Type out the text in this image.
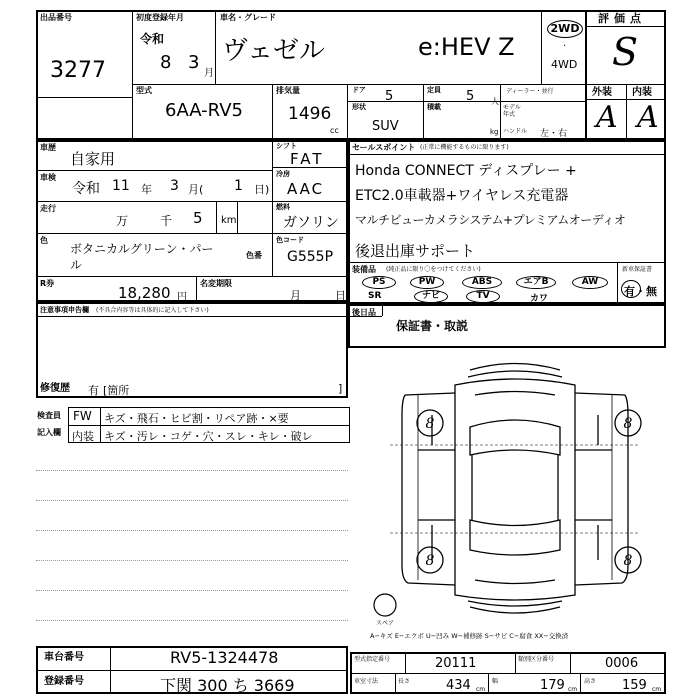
出品番号
3277
初度登録年月
令和
8 3
月
車名・グレード
ヴェゼル	e:HEV Z
2WD
·
4WD
評価点
S
外装 内装
A A
型式
6AA-RV5
排気量
1496
cc
ドア 5	定員 5 人
ディーラー・並行
形状
SUV
積載
kg
モデル年式
ハンドル 左・右
車歴
自家用
シフト
FAT
車検
令和 11 年 3 月( 1 日)
冷房
AAC
走行
万	千 5 km
燃料
ガソリン
色
ボタニカルグリーン・パー
ル
色番
色コード
G555P
R券
18,280 円
名変期限
月	日
セールスポイント (正常に機能するものに限ります)
Honda CONNECT ディスプレー +
ETC2.0車載器+ワイヤレス充電器
マルチビューカメラシステム+プレミアムオーディオ
後退出庫サポート
装備品 (純正品に限り〇をつけてください)	新車保証書
有・無
PS	PW	ABS	エアB	AW
SR	ナビ	TV	カワ
注意事項申告欄 (不具合内容等は具体的に記入して下さい)
修復歴 有 [箇所	]
後日品
保証書・取説
検査員
記入欄
FW キズ・飛石・ヒビ割・リペア跡・×要
内装 キズ・汚レ・コゲ・穴・スレ・キレ・破レ
8	8
8	8
スペア
A−キズ E−エクボ U−凹み W−補修跡 S−サビ C−腐食 XX−交換済
車台番号	RV5-1324478
登録番号	下関 300 ち 3669
型式指定番号	20111	類別区分番号	0006
車室寸法	長さ	434 cm
幅	179 cm
高さ 159 cm
